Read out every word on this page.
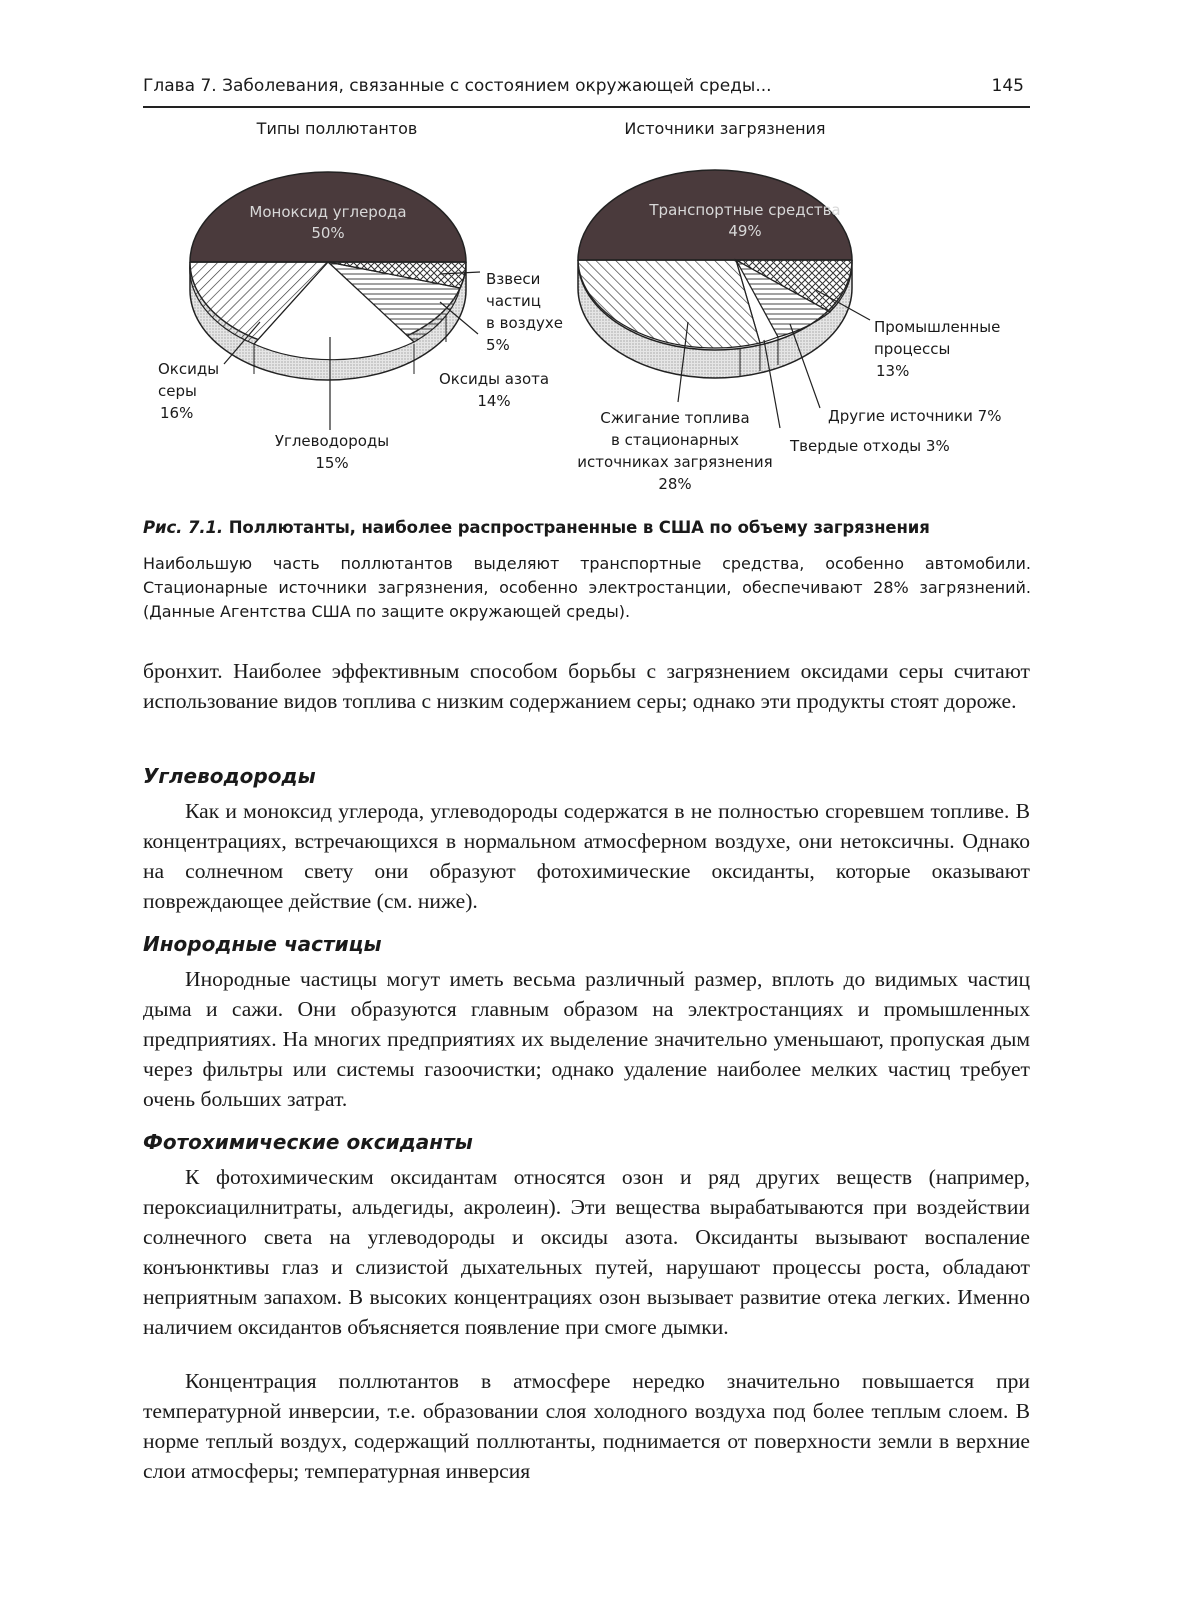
Глава 7. Заболевания, связанные с состоянием окружающей среды...	145
Типы поллютантов
Моноксид углерода
50%
Взвеси
частиц
в воздухе
5%
Оксиды азота
14%
Оксиды
серы
16%
Углеводороды
15%
Источники загрязнения
Транспортные средства
49%
Промышленные
процессы
13%
Другие источники 7%
Твердые отходы 3%
Сжигание топлива
в стационарных
источниках загрязнения
28%
Рис. 7.1. Поллютанты, наиболее распространенные в США по объему загрязнения
Наибольшую часть поллютантов выделяют транспортные средства, особенно автомобили. Стационарные источники загрязнения, особенно электростанции, обеспечивают 28% загрязнений. (Данные Агентства США по защите окружающей среды).
бронхит. Наиболее эффективным способом борьбы с загрязнением оксидами серы считают использование видов топлива с низким содержанием серы; однако эти продукты стоят дороже.
Углеводороды
Как и моноксид углерода, углеводороды содержатся в не полностью сгоревшем топливе. В концентрациях, встречающихся в нормальном атмосферном воздухе, они нетоксичны. Однако на солнечном свету они образуют фотохимические оксиданты, которые оказывают повреждающее действие (см. ниже).
Инородные частицы
Инородные частицы могут иметь весьма различный размер, вплоть до видимых частиц дыма и сажи. Они образуются главным образом на электростанциях и промышленных предприятиях. На многих предприятиях их выделение значительно уменьшают, пропуская дым через фильтры или системы газоочистки; однако удаление наиболее мелких частиц требует очень больших затрат.
Фотохимические оксиданты
К фотохимическим оксидантам относятся озон и ряд других веществ (например, пероксиацилнитраты, альдегиды, акролеин). Эти вещества вырабатываются при воздействии солнечного света на углеводороды и оксиды азота. Оксиданты вызывают воспаление конъюнктивы глаз и слизистой дыхательных путей, нарушают процессы роста, обладают неприятным запахом. В высоких концентрациях озон вызывает развитие отека легких. Именно наличием оксидантов объясняется появление при смоге дымки.
Концентрация поллютантов в атмосфере нередко значительно повышается при температурной инверсии, т.е. образовании слоя холодного воздуха под более теплым слоем. В норме теплый воздух, содержащий поллютанты, поднимается от поверхности земли в верхние слои атмосферы; температурная инверсия
